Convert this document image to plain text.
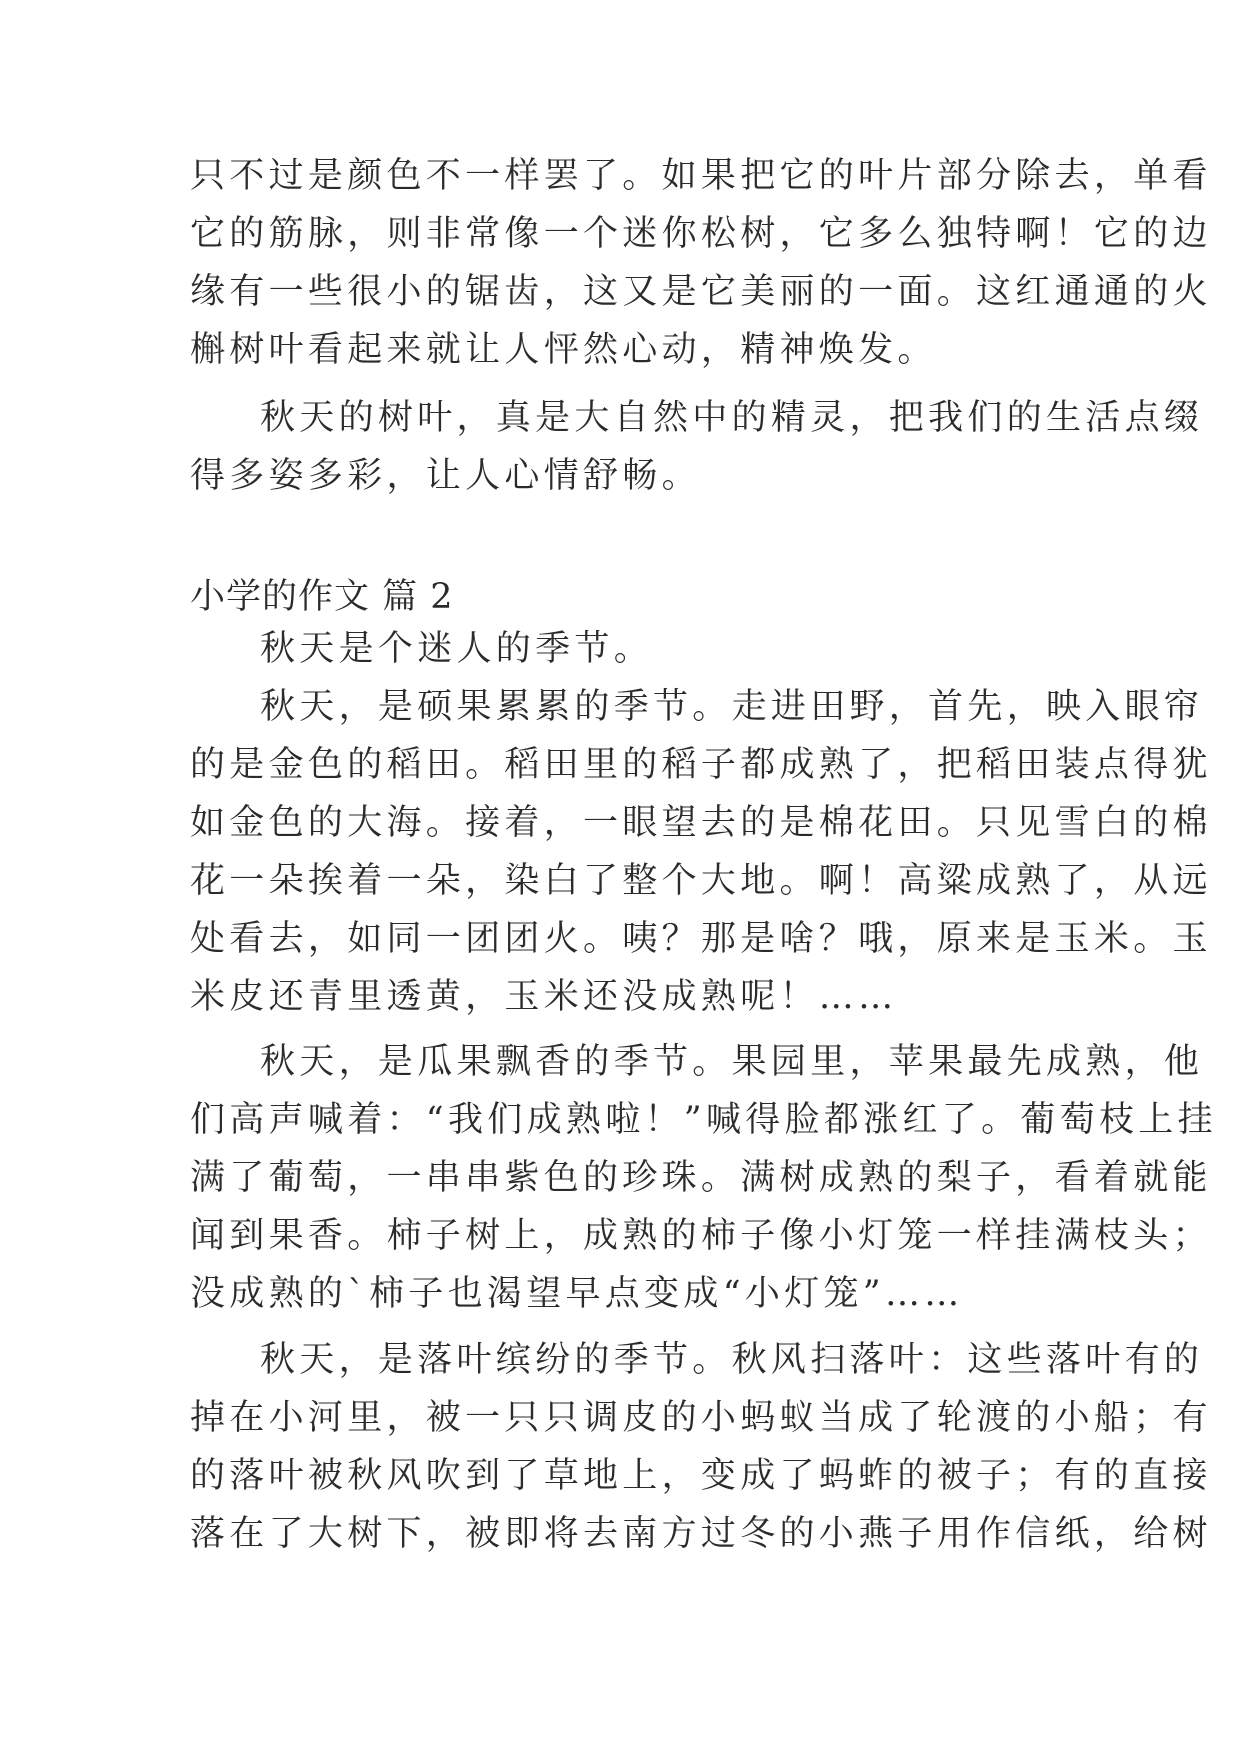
只不过是颜色不一样罢了。如果把它的叶片部分除去，单看

它的筋脉，则非常像一个迷你松树，它多么独特啊！它的边

缘有一些很小的锯齿，这又是它美丽的一面。这红通通的火

槲树叶看起来就让人怦然心动，精神焕发。

秋天的树叶，真是大自然中的精灵，把我们的生活点缀

得多姿多彩，让人心情舒畅。

小学的作文 篇 2

秋天是个迷人的季节。

秋天，是硕果累累的季节。走进田野，首先，映入眼帘

的是金色的稻田。稻田里的稻子都成熟了，把稻田装点得犹

如金色的大海。接着，一眼望去的是棉花田。只见雪白的棉

花一朵挨着一朵，染白了整个大地。啊！高粱成熟了，从远

处看去，如同一团团火。咦？那是啥？哦，原来是玉米。玉

米皮还青里透黄，玉米还没成熟呢！……

秋天，是瓜果飘香的季节。果园里，苹果最先成熟，他

们高声喊着：“我们成熟啦！”喊得脸都涨红了。葡萄枝上挂

满了葡萄，一串串紫色的珍珠。满树成熟的梨子，看着就能

闻到果香。柿子树上，成熟的柿子像小灯笼一样挂满枝头；

没成熟的`柿子也渴望早点变成“小灯笼”……

秋天，是落叶缤纷的季节。秋风扫落叶：这些落叶有的

掉在小河里，被一只只调皮的小蚂蚁当成了轮渡的小船；有

的落叶被秋风吹到了草地上，变成了蚂蚱的被子；有的直接

落在了大树下，被即将去南方过冬的小燕子用作信纸，给树
